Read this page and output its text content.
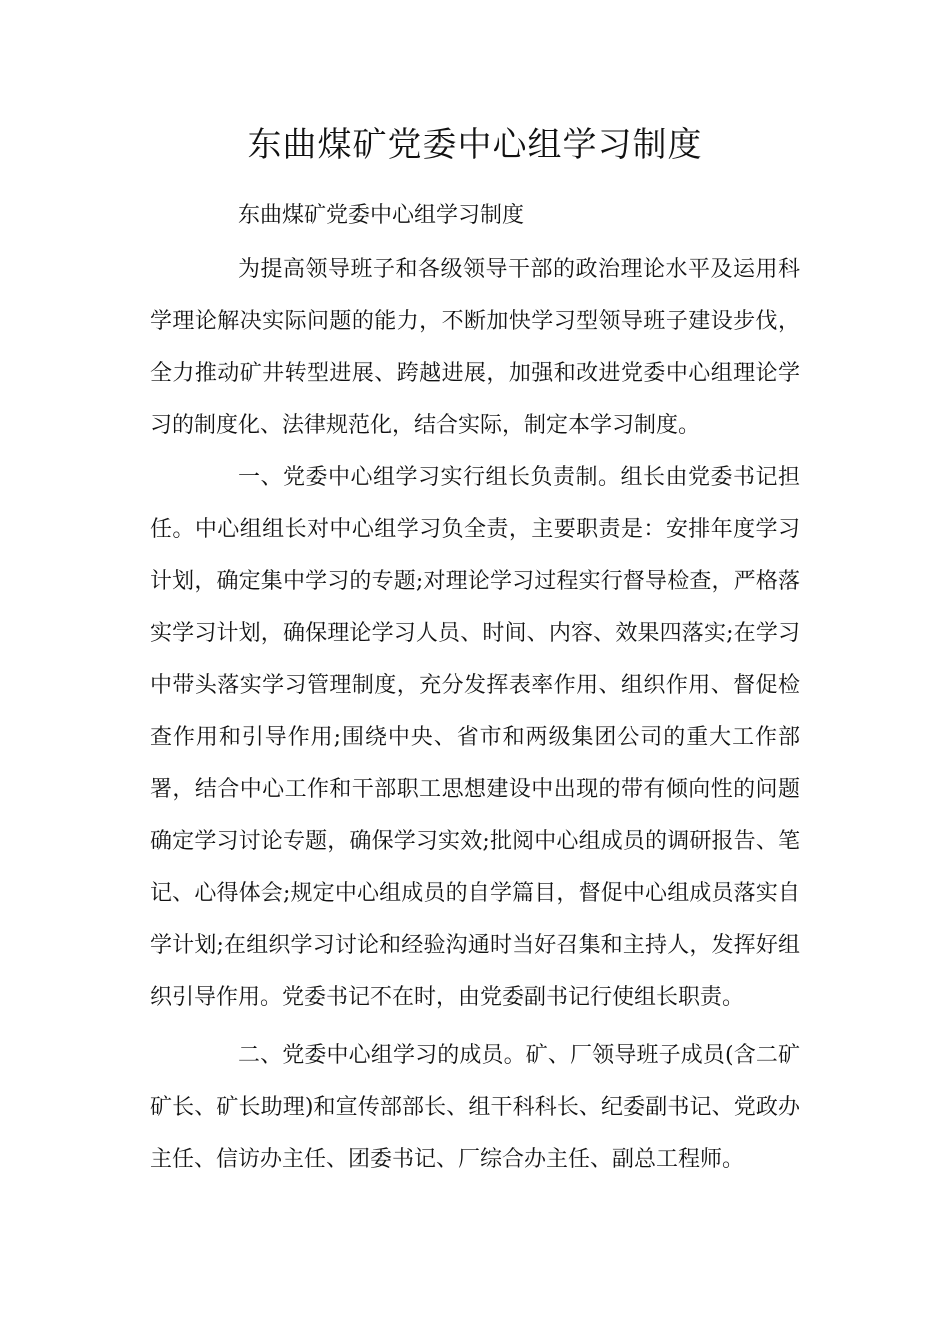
东曲煤矿党委中心组学习制度

东曲煤矿党委中心组学习制度

为提高领导班子和各级领导干部的政治理论水平及运用科学理论解决实际问题的能力，不断加快学习型领导班子建设步伐，全力推动矿井转型进展、跨越进展，加强和改进党委中心组理论学习的制度化、法律规范化，结合实际，制定本学习制度。

一、党委中心组学习实行组长负责制。组长由党委书记担任。中心组组长对中心组学习负全责，主要职责是：安排年度学习计划，确定集中学习的专题;对理论学习过程实行督导检查，严格落实学习计划，确保理论学习人员、时间、内容、效果四落实;在学习中带头落实学习管理制度，充分发挥表率作用、组织作用、督促检查作用和引导作用;围绕中央、省市和两级集团公司的重大工作部署，结合中心工作和干部职工思想建设中出现的带有倾向性的问题确定学习讨论专题，确保学习实效;批阅中心组成员的调研报告、笔记、心得体会;规定中心组成员的自学篇目，督促中心组成员落实自学计划;在组织学习讨论和经验沟通时当好召集和主持人，发挥好组织引导作用。党委书记不在时，由党委副书记行使组长职责。

二、党委中心组学习的成员。矿、厂领导班子成员(含二矿矿长、矿长助理)和宣传部部长、组干科科长、纪委副书记、党政办主任、信访办主任、团委书记、厂综合办主任、副总工程师。
